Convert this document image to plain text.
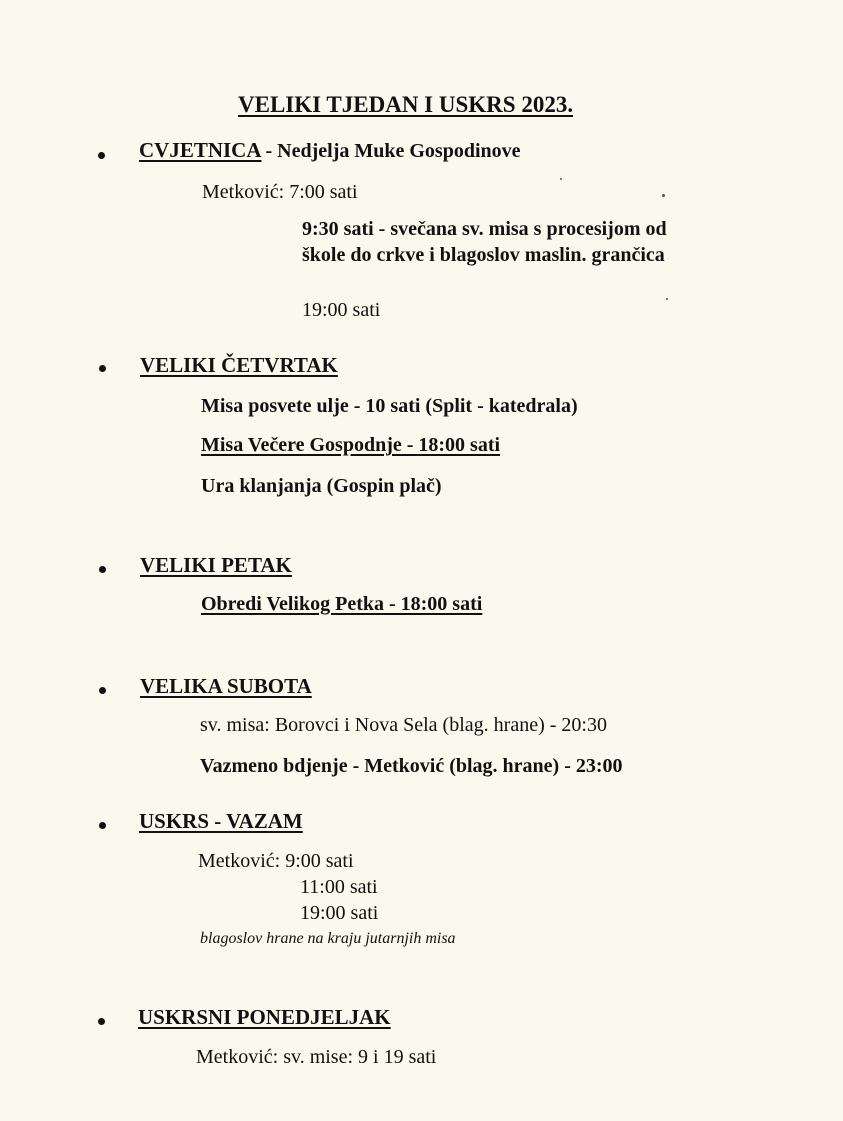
VELIKI TJEDAN I USKRS 2023.
CVJETNICA - Nedjelja Muke Gospodinove
Metković: 7:00 sati
9:30 sati - svečana sv. misa s procesijom od
škole do crkve i blagoslov maslin. grančica
19:00 sati
VELIKI ČETVRTAK
Misa posvete ulje - 10 sati (Split - katedrala)
Misa Večere Gospodnje - 18:00 sati
Ura klanjanja (Gospin plač)
VELIKI PETAK
Obredi Velikog Petka - 18:00 sati
VELIKA SUBOTA
sv. misa: Borovci i Nova Sela (blag. hrane) - 20:30
Vazmeno bdjenje - Metković (blag. hrane) - 23:00
USKRS - VAZAM
Metković: 9:00 sati
11:00 sati
19:00 sati
blagoslov hrane na kraju jutarnjih misa
USKRSNI PONEDJELJAK
Metković: sv. mise: 9 i 19 sati
